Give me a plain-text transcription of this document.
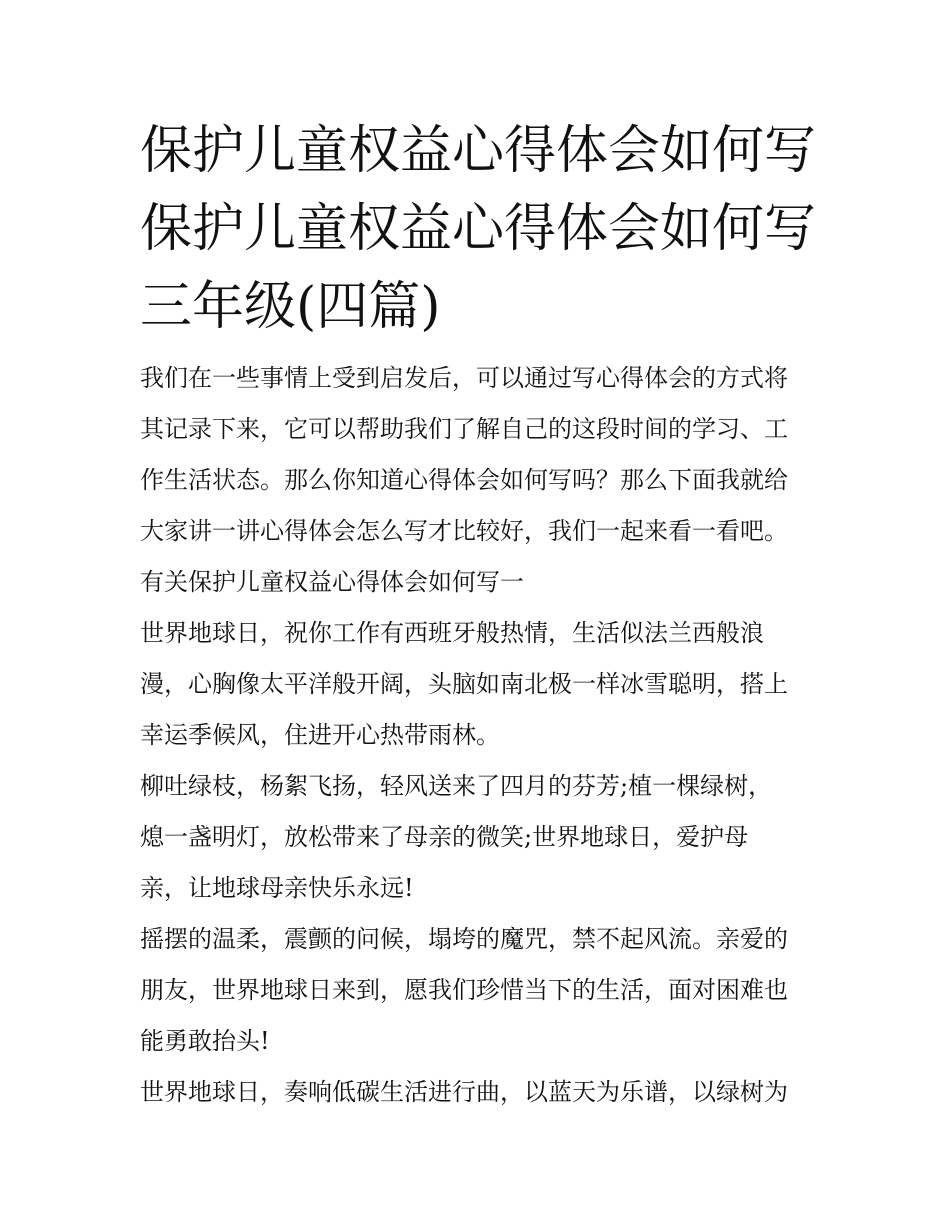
保护儿童权益心得体会如何写
保护儿童权益心得体会如何写
三年级(四篇)
我们在一些事情上受到启发后，可以通过写心得体会的方式将
其记录下来，它可以帮助我们了解自己的这段时间的学习、工
作生活状态。那么你知道心得体会如何写吗？那么下面我就给
大家讲一讲心得体会怎么写才比较好，我们一起来看一看吧。
有关保护儿童权益心得体会如何写一
世界地球日，祝你工作有西班牙般热情，生活似法兰西般浪
漫，心胸像太平洋般开阔，头脑如南北极一样冰雪聪明，搭上
幸运季候风，住进开心热带雨林。
柳吐绿枝，杨絮飞扬，轻风送来了四月的芬芳;植一棵绿树，
熄一盏明灯，放松带来了母亲的微笑;世界地球日，爱护母
亲，让地球母亲快乐永远!
摇摆的温柔，震颤的问候，塌垮的魔咒，禁不起风流。亲爱的
朋友，世界地球日来到，愿我们珍惜当下的生活，面对困难也
能勇敢抬头!
世界地球日，奏响低碳生活进行曲，以蓝天为乐谱，以绿树为
